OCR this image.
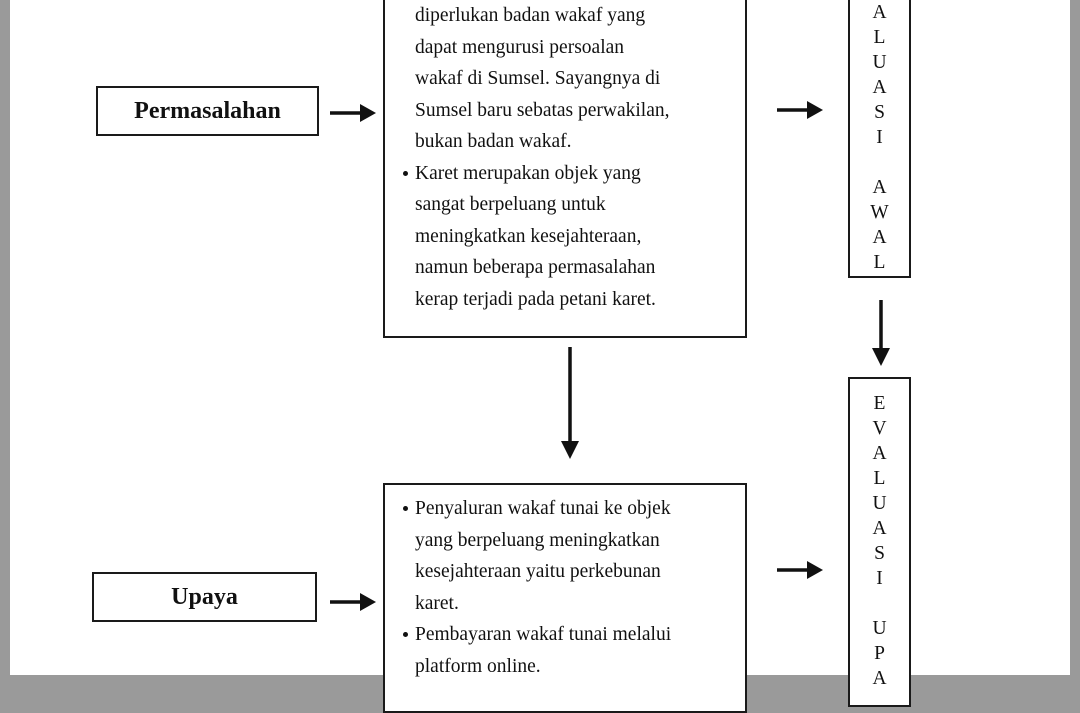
Permasalahan
Upaya
diperlukan badan wakaf yang
dapat mengurusi persoalan
wakaf di Sumsel. Sayangnya di
Sumsel baru sebatas perwakilan,
bukan badan wakaf.
Karet merupakan objek yang
sangat berpeluang untuk
meningkatkan kesejahteraan,
namun beberapa permasalahan
kerap terjadi pada petani karet.
Penyaluran wakaf tunai ke objek
yang berpeluang meningkatkan
kesejahteraan yaitu perkebunan
karet.
Pembayaran wakaf tunai melalui
platform online.
A
L
U
A
S
I
A
W
A
L
E
V
A
L
U
A
S
I
U
P
A
